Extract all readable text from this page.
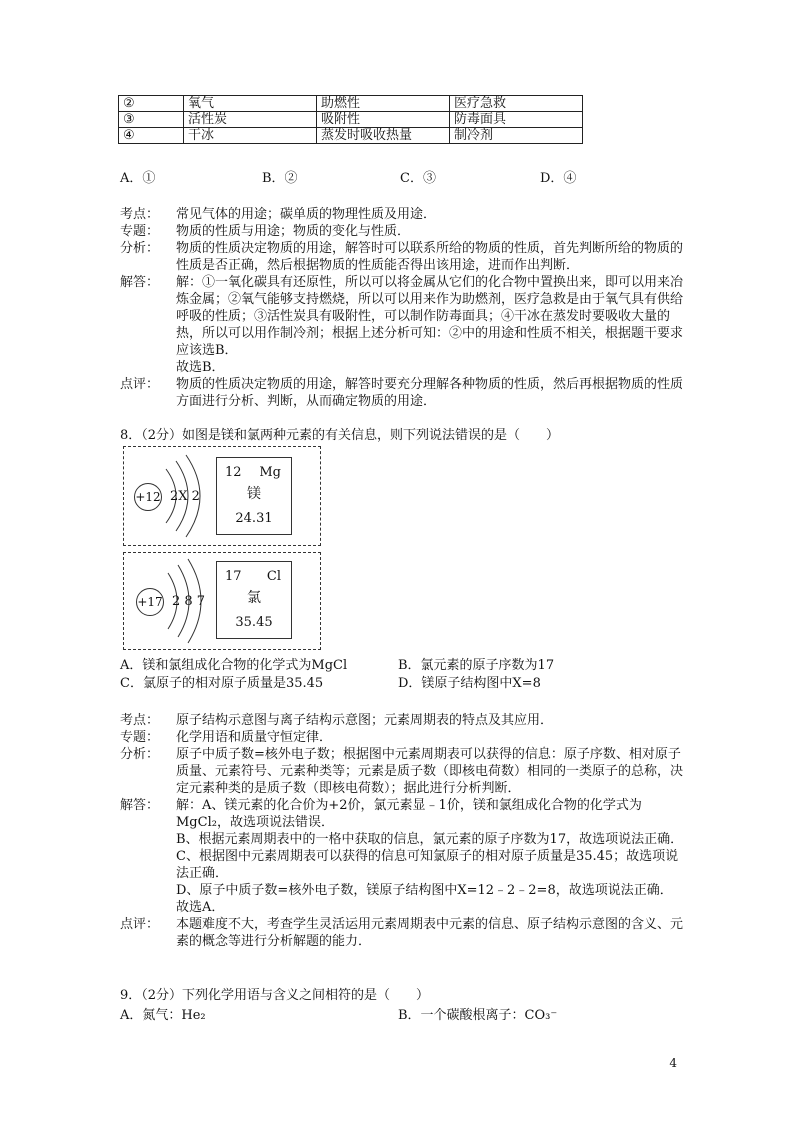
②	氧气	助燃性	医疗急救
③	活性炭	吸附性	防毒面具
④	干冰	蒸发时吸收热量	制冷剂
A．①	B．②	C．③	D．④
考点：	常见气体的用途；碳单质的物理性质及用途．
专题：	物质的性质与用途；物质的变化与性质．
分析：	物质的性质决定物质的用途，解答时可以联系所给的物质的性质，首先判断所给的物质的性质是否正确，然后根据物质的性质能否得出该用途，进而作出判断．
解答：	解：①一氧化碳具有还原性，所以可以将金属从它们的化合物中置换出来，即可以用来冶炼金属；②氧气能够支持燃烧，所以可以用来作为助燃剂，医疗急救是由于氧气具有供给呼吸的性质；③活性炭具有吸附性，可以制作防毒面具；④干冰在蒸发时要吸收大量的热，所以可以用作制冷剂；根据上述分析可知：②中的用途和性质不相关，根据题干要求应该选B．
故选B．
点评：	物质的性质决定物质的用途，解答时要充分理解各种物质的性质，然后再根据物质的性质方面进行分析、判断，从而确定物质的用途．
8．（2分）如图是镁和氯两种元素的有关信息，则下列说法错误的是（　　）
+12 2X 2
12 Mg
镁
24.31
+17 2 8 7
17 Cl
氯
35.45
A．镁和氯组成化合物的化学式为MgCl	B．氯元素的原子序数为17
C．氯原子的相对原子质量是35.45	D．镁原子结构图中X=8
考点：	原子结构示意图与离子结构示意图；元素周期表的特点及其应用．
专题：	化学用语和质量守恒定律．
分析：	原子中质子数=核外电子数；根据图中元素周期表可以获得的信息：原子序数、相对原子质量、元素符号、元素种类等；元素是质子数（即核电荷数）相同的一类原子的总称，决定元素种类的是质子数（即核电荷数）；据此进行分析判断．
解答：	解：A、镁元素的化合价为+2价，氯元素显﹣1价，镁和氯组成化合物的化学式为MgCl₂，故选项说法错误．
B、根据元素周期表中的一格中获取的信息，氯元素的原子序数为17，故选项说法正确．
C、根据图中元素周期表可以获得的信息可知氯原子的相对原子质量是35.45；故选项说法正确．
D、原子中质子数=核外电子数，镁原子结构图中X=12﹣2﹣2=8，故选项说法正确．
故选A．
点评：	本题难度不大，考查学生灵活运用元素周期表中元素的信息、原子结构示意图的含义、元素的概念等进行分析解题的能力．
9．（2分）下列化学用语与含义之间相符的是（　　）
A．氮气：He₂	B．一个碳酸根离子：CO₃⁻
4
